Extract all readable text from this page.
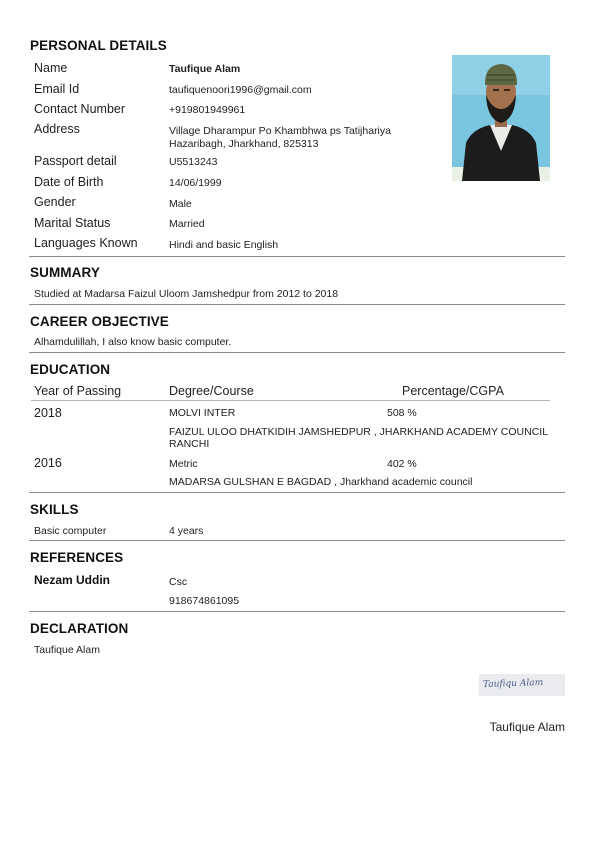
PERSONAL DETAILS
Name	Taufique Alam
Email Id	taufiquenoori1996@gmail.com
Contact Number	+919801949961
Address	Village Dharampur Po Khambhwa ps Tatijhariya
Hazaribagh, Jharkhand, 825313
Passport detail	U5513243
Date of Birth	14/06/1999
Gender	Male
Marital Status	Married
Languages Known	Hindi and basic English
SUMMARY
Studied at Madarsa Faizul Uloom Jamshedpur from 2012 to 2018
CAREER OBJECTIVE
Alhamdulillah, I also know basic computer.
EDUCATION
Year of Passing	Degree/Course	Percentage/CGPA
2018	MOLVI INTER	508 %
FAIZUL ULOO DHATKIDIH JAMSHEDPUR , JHARKHAND ACADEMY COUNCIL
RANCHI
2016	Metric	402 %
MADARSA GULSHAN E BAGDAD , Jharkhand academic council
SKILLS
Basic computer	4 years
REFERENCES
Nezam Uddin	Csc
918674861095
DECLARATION
Taufique Alam
Taufiqu Alam
Taufique Alam
